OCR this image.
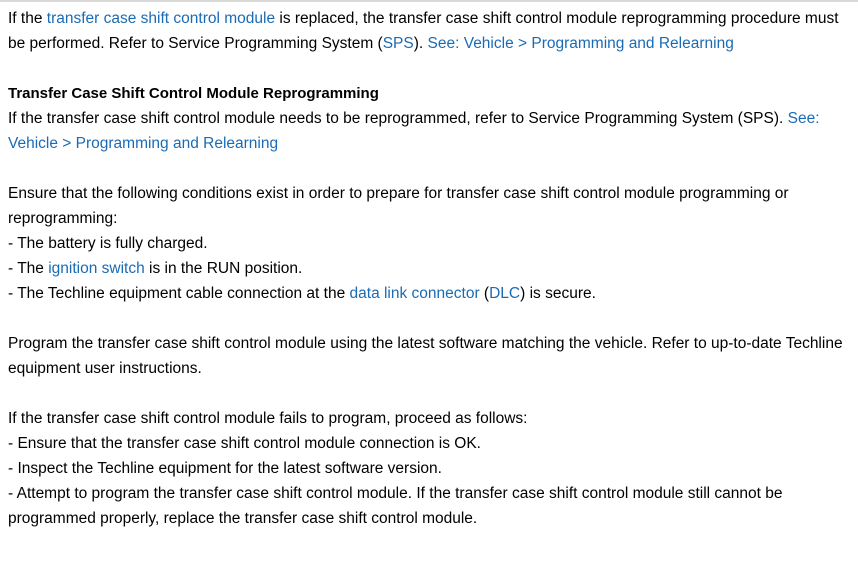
If the transfer case shift control module is replaced, the transfer case shift control module reprogramming procedure must be performed. Refer to Service Programming System (SPS). See: Vehicle > Programming and Relearning

Transfer Case Shift Control Module Reprogramming

If the transfer case shift control module needs to be reprogrammed, refer to Service Programming System (SPS). See: Vehicle > Programming and Relearning

Ensure that the following conditions exist in order to prepare for transfer case shift control module programming or reprogramming:

- The battery is fully charged.

- The ignition switch is in the RUN position.

- The Techline equipment cable connection at the data link connector (DLC) is secure.

Program the transfer case shift control module using the latest software matching the vehicle. Refer to up-to-date Techline equipment user instructions.

If the transfer case shift control module fails to program, proceed as follows:

- Ensure that the transfer case shift control module connection is OK.

- Inspect the Techline equipment for the latest software version.

- Attempt to program the transfer case shift control module. If the transfer case shift control module still cannot be programmed properly, replace the transfer case shift control module.
